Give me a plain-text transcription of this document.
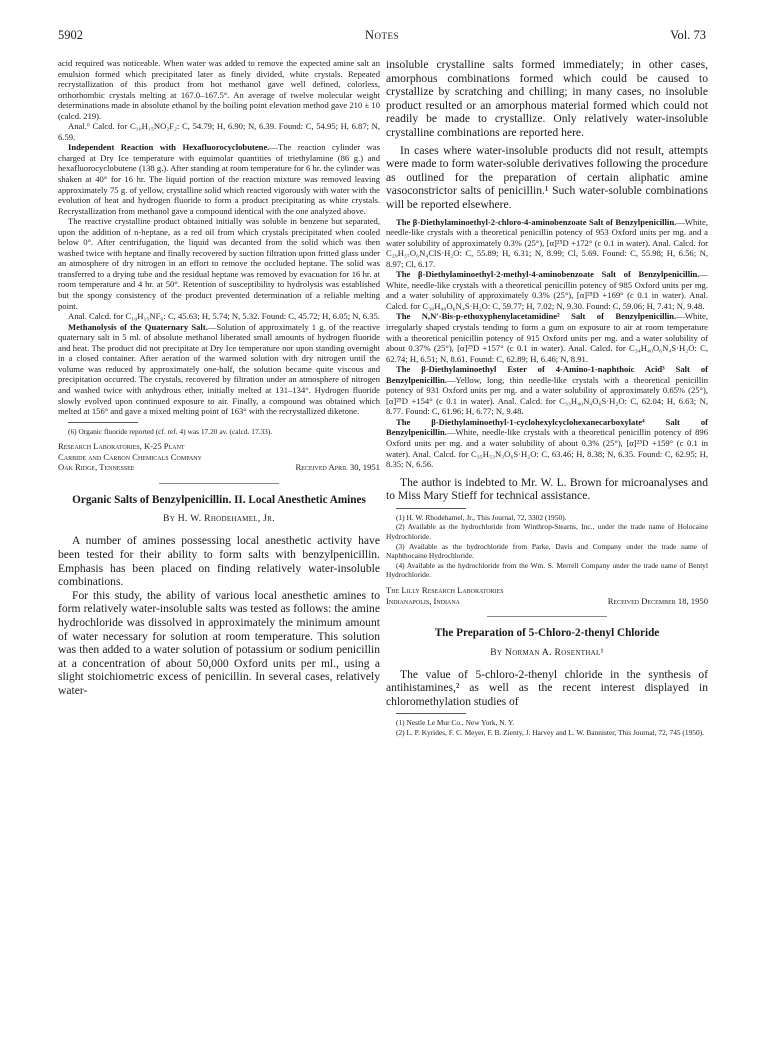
5902	Notes	Vol. 73

acid required was noticeable. When water was added to remove the expected amine salt an emulsion formed which precipitated later as finely divided, white crystals. Repeated recrystallization of this product from hot methanol gave well defined, colorless, orthorhombic crystals melting at 167.0–167.5°. An average of twelve molecular weight determinations made in absolute ethanol by the boiling point elevation method gave 210 ± 10 (calcd. 219).

Anal.⁶ Calcd. for C₁₀H₁₅NO₂F₂: C, 54.79; H, 6.90; N, 6.39. Found: C, 54.95; H, 6.87; N, 6.59.

Independent Reaction with Hexafluorocyclobutene.—The reaction cylinder was charged at Dry Ice temperature with equimolar quantities of triethylamine (86 g.) and hexafluorocyclobutene (138 g.). After standing at room temperature for 6 hr. the cylinder was shaken at 40° for 16 hr. The liquid portion of the reaction mixture was removed leaving approximately 75 g. of yellow, crystalline solid which reacted vigorously with water with the evolution of heat and hydrogen fluoride to form a product precipitating as white crystals. Recrystallization from methanol gave a compound identical with the one analyzed above.

The reactive crystalline product obtained initially was soluble in benzene but separated, upon the addition of n-heptane, as a red oil from which crystals precipitated when cooled below 0°. After centrifugation, the liquid was decanted from the solid which was then washed twice with heptane and finally recovered by suction filtration upon fritted glass under an atmosphere of dry nitrogen in an effort to remove the occluded heptane. The solid was transferred to a drying tube and the residual heptane was removed by evacuation for 16 hr. at room temperature and 4 hr. at 50°. Retention of susceptibility to hydrolysis was established but the spongy consistency of the product prevented determination of a reliable melting point.

Anal. Calcd. for C₁₀H₁₅NF₆: C, 45.63; H, 5.74; N, 5.32. Found: C, 45.72; H, 6.05; N, 6.35.

Methanolysis of the Quaternary Salt.—Solution of approximately 1 g. of the reactive quaternary salt in 5 ml. of absolute methanol liberated small amounts of hydrogen fluoride and heat. The product did not precipitate at Dry Ice temperature nor upon standing overnight in a closed container. After aeration of the warmed solution with dry nitrogen until the volume was reduced by approximately one-half, the solution became quite viscous and precipitation occurred. The crystals, recovered by filtration under an atmosphere of nitrogen and washed twice with anhydrous ether, initially melted at 131–134°. Hydrogen fluoride slowly evolved upon continued exposure to air. Finally, a compound was obtained which melted at 156° and gave a mixed melting point of 163° with the recrystallized diketone.

(6) Organic fluoride reported (cf. ref. 4) was 17.20 av. (calcd. 17.33).

Research Laboratories, K-25 Plant
Carbide and Carbon Chemicals Company
Oak Ridge, Tennessee	Received April 30, 1951
Organic Salts of Benzylpenicillin. II. Local Anesthetic Amines
By H. W. Rhodehamel, Jr.

A number of amines possessing local anesthetic activity have been tested for their ability to form salts with benzylpenicillin. Emphasis has been placed on finding relatively water-insoluble combinations.

For this study, the ability of various local anesthetic amines to form relatively water-insoluble salts was tested as follows: the amine hydrochloride was dissolved in approximately the minimum amount of water necessary for solution at room temperature. This solution was then added to a water solution of potassium or sodium penicillin at a concentration of about 50,000 Oxford units per ml., using a slight stoichiometric excess of penicillin. In several cases, relatively water-

insoluble crystalline salts formed immediately; in other cases, amorphous combinations formed which could be caused to crystallize by scratching and chilling; in many cases, no insoluble product resulted or an amorphous material formed which could not readily be made to crystallize. Only relatively water-insoluble crystalline combinations are reported here.

In cases where water-insoluble products did not result, attempts were made to form water-soluble derivatives following the procedure as outlined for the preparation of certain aliphatic amine vasoconstrictor salts of penicillin.¹ Such water-soluble combinations will be reported elsewhere.

The β-Diethylaminoethyl-2-chloro-4-aminobenzoate Salt of Benzylpenicillin.—White, needle-like crystals with a theoretical penicillin potency of 953 Oxford units per mg. and a water solubility of approximately 0.3% (25°), [α]²⁵D +172° (c 0.1 in water). Anal. Calcd. for C₂₉H₃₇O₆N₄ClS·H₂O: C, 55.89; H, 6.31; N, 8.99; Cl, 5.69. Found: C, 55.98; H, 6.56; N, 8.97; Cl, 6.17.

The β-Diethylaminoethyl-2-methyl-4-aminobenzoate Salt of Benzylpenicillin.—White, needle-like crystals with a theoretical penicillin potency of 985 Oxford units per mg. and a water solubility of approximately 0.3% (25°), [α]²⁵D +169° (c 0.1 in water). Anal. Calcd. for C₃₀H₄₀O₆N₄S·H₂O: C, 59.77; H, 7.02; N, 9.30. Found: C, 59.06; H, 7.41; N, 9.48.

The N,N′-Bis-p-ethoxyphenylacetamidine² Salt of Benzylpenicillin.—White, irregularly shaped crystals tending to form a gum on exposure to air at room temperature with a theoretical penicillin potency of 915 Oxford units per mg. and a water solubility of about 0.37% (25°), [α]²⁵D +157° (c 0.1 in water). Anal. Calcd. for C₃₄H₄₀O₆N₄S·H₂O: C, 62.74; H, 6.51; N, 8.61. Found: C, 62.89; H, 6.46; N, 8.91.

The β-Diethylaminoethyl Ester of 4-Amino-1-naphthoic Acid³ Salt of Benzylpenicillin.—Yellow, long, thin needle-like crystals with a theoretical penicillin potency of 931 Oxford units per mg. and a water solubility of approximately 0.65% (25°), [α]²⁵D +154° (c 0.1 in water). Anal. Calcd. for C₃₃H₄₀N₄O₆S·H₂O: C, 62.04; H, 6.63; N, 8.77. Found: C, 61.96; H, 6.77; N, 9.48.

The β-Diethylaminoethyl-1-cyclohexylcyclohexanecarboxylate⁴ Salt of Benzylpenicillin.—White, needle-like crystals with a theoretical penicillin potency of 896 Oxford units per mg. and a water solubility of about 0.3% (25°), [α]²⁵D +159° (c 0.1 in water). Anal. Calcd. for C₃₅H₅₃N₃O₆S·H₂O: C, 63.46; H, 8.38; N, 6.35. Found: C, 62.95; H, 8.35; N, 6.56.

The author is indebted to Mr. W. L. Brown for microanalyses and to Miss Mary Stieff for technical assistance.

(1) H. W. Rhodehamel, Jr., This Journal, 72, 3302 (1950).

(2) Available as the hydrochloride from Winthrop-Stearns, Inc., under the trade name of Holocaine Hydrochloride.

(3) Available as the hydrochloride from Parke, Davis and Company under the trade name of Naphthocaine Hydrochloride.

(4) Available as the hydrochloride from the Wm. S. Merrell Company under the trade name of Bentyl Hydrochloride.

The Lilly Research Laboratories
Indianapolis, Indiana	Received December 18, 1950
The Preparation of 5-Chloro-2-thenyl Chloride
By Norman A. Rosenthal¹

The value of 5-chloro-2-thenyl chloride in the synthesis of antihistamines,² as well as the recent interest displayed in chloromethylation studies of

(1) Nestle Le Mur Co., New York, N. Y.

(2) L. P. Kyrides, F. C. Meyer, F. B. Zienty, J. Harvey and L. W. Bannister, This Journal, 72, 745 (1950).
